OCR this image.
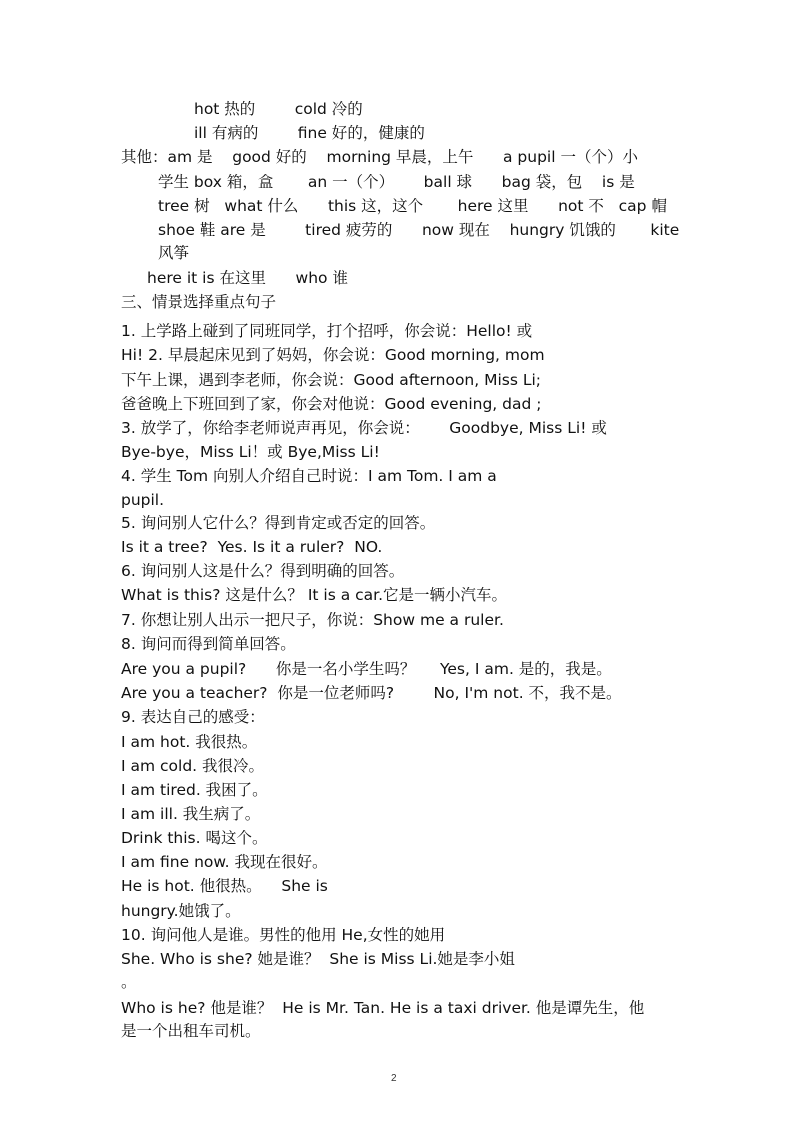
hot 热的        cold 冷的
ill 有病的        fine 好的，健康的
其他：am 是    good 好的    morning 早晨，上午      a pupil 一（个）小
学生 box 箱，盒       an 一（个）      ball 球      bag 袋，包    is 是
tree 树   what 什么      this 这，这个       here 这里      not 不   cap 帽
shoe 鞋 are 是        tired 疲劳的      now 现在    hungry 饥饿的       kite
风筝
here it is 在这里      who 谁
三、情景选择重点句子
1. 上学路上碰到了同班同学，打个招呼，你会说：Hello! 或
Hi! 2. 早晨起床见到了妈妈，你会说：Good morning, mom
下午上课，遇到李老师，你会说：Good afternoon, Miss Li;
爸爸晚上下班回到了家，你会对他说：Good evening, dad ;
3. 放学了，你给李老师说声再见，你会说：      Goodbye, Miss Li! 或
Bye-bye，Miss Li！或 Bye,Miss Li!
4. 学生 Tom 向别人介绍自己时说：I am Tom. I am a
pupil.
5. 询问别人它什么？得到肯定或否定的回答。
Is it a tree?  Yes. Is it a ruler?  NO.
6. 询问别人这是什么？得到明确的回答。
What is this? 这是什么？ It is a car.它是一辆小汽车。
7. 你想让别人出示一把尺子，你说：Show me a ruler.
8. 询问而得到简单回答。
Are you a pupil?      你是一名小学生吗？     Yes, I am. 是的，我是。
Are you a teacher?  你是一位老师吗?        No, I'm not. 不，我不是。
9. 表达自己的感受：
I am hot. 我很热。
I am cold. 我很冷。
I am tired. 我困了。
I am ill. 我生病了。
Drink this. 喝这个。
I am fine now. 我现在很好。
He is hot. 他很热。    She is
hungry.她饿了。
10. 询问他人是谁。男性的他用 He,女性的她用
She. Who is she? 她是谁？  She is Miss Li.她是李小姐
。
Who is he? 他是谁？  He is Mr. Tan. He is a taxi driver. 他是谭先生，他
是一个出租车司机。
2
